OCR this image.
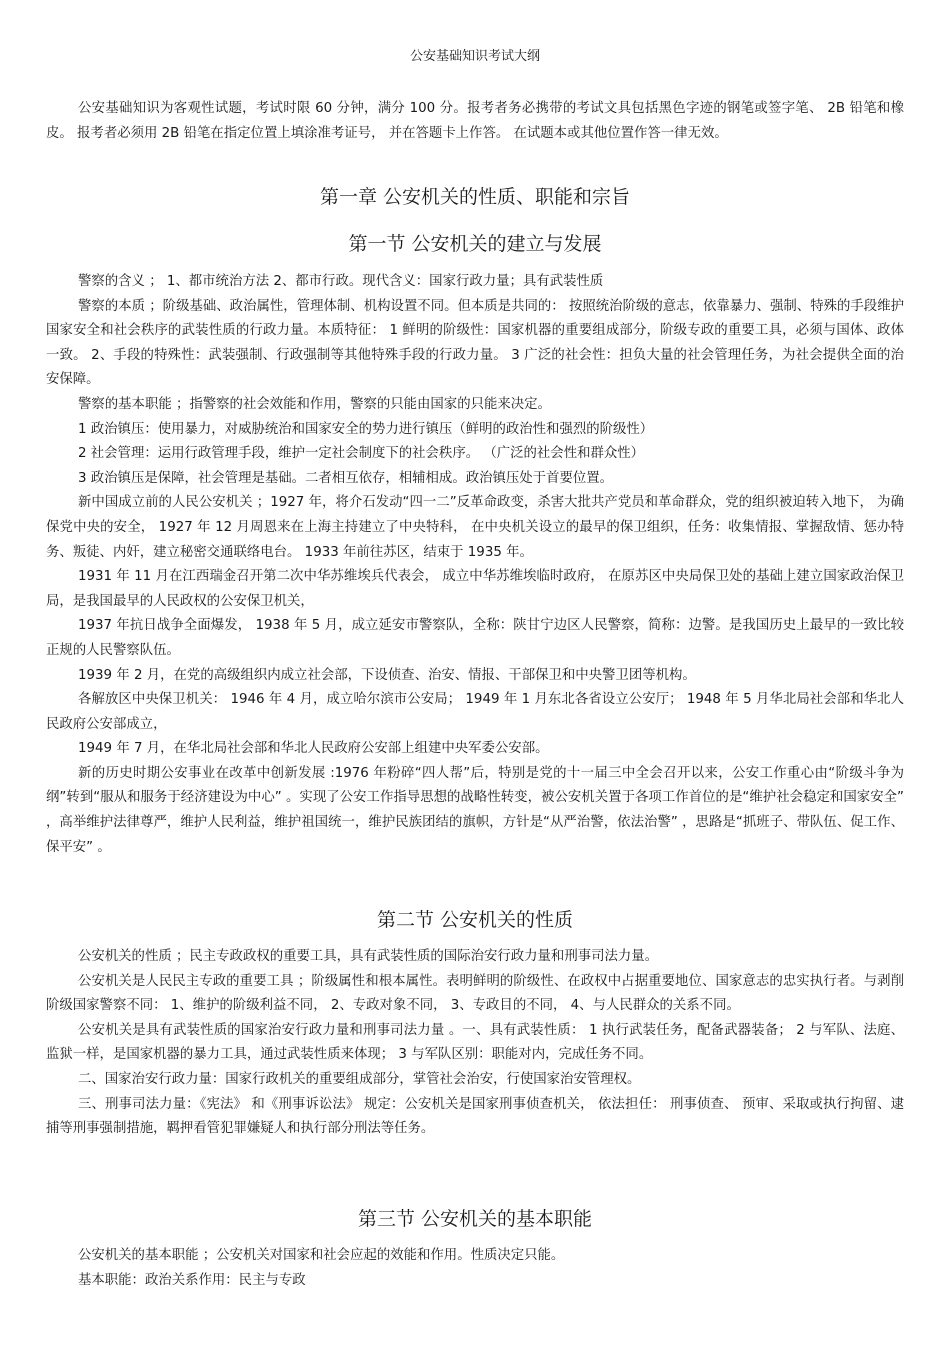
公安基础知识考试大纲

公安基础知识为客观性试题，考试时限 60 分钟，满分 100 分。报考者务必携带的考试文具包括黑色字迹的钢笔或签字笔、 2B 铅笔和橡皮。 报考者必须用 2B 铅笔在指定位置上填涂准考证号， 并在答题卡上作答。 在试题本或其他位置作答一律无效。

第一章 公安机关的性质、职能和宗旨
第一节 公安机关的建立与发展

警察的含义 ； 1、都市统治方法 2、都市行政。现代含义：国家行政力量；具有武装性质

警察的本质 ；阶级基础、政治属性，管理体制、机构设置不同。但本质是共同的： 按照统治阶级的意志，依靠暴力、强制、特殊的手段维护国家安全和社会秩序的武装性质的行政力量。本质特征： 1 鲜明的阶级性：国家机器的重要组成部分，阶级专政的重要工具，必须与国体、政体一致。 2、手段的特殊性：武装强制、行政强制等其他特殊手段的行政力量。 3 广泛的社会性：担负大量的社会管理任务，为社会提供全面的治安保障。

警察的基本职能 ；指警察的社会效能和作用，警察的只能由国家的只能来决定。

1 政治镇压：使用暴力，对威胁统治和国家安全的势力进行镇压（鲜明的政治性和强烈的阶级性）

2 社会管理：运用行政管理手段，维护一定社会制度下的社会秩序。 （广泛的社会性和群众性）

3 政治镇压是保障，社会管理是基础。二者相互依存，相辅相成。政治镇压处于首要位置。

新中国成立前的人民公安机关 ；1927 年，将介石发动“四一二”反革命政变，杀害大批共产党员和革命群众，党的组织被迫转入地下， 为确保党中央的安全， 1927 年 12 月周恩来在上海主持建立了中央特科， 在中央机关设立的最早的保卫组织，任务：收集情报、掌握敌情、惩办特务、叛徒、内奸，建立秘密交通联络电台。 1933 年前往苏区，结束于 1935 年。

1931 年 11 月在江西瑞金召开第二次中华苏维埃兵代表会， 成立中华苏维埃临时政府， 在原苏区中央局保卫处的基础上建立国家政治保卫局，是我国最早的人民政权的公安保卫机关，

1937 年抗日战争全面爆发， 1938 年 5 月，成立延安市警察队，全称：陕甘宁边区人民警察，简称：边警。是我国历史上最早的一致比较正规的人民警察队伍。

1939 年 2 月，在党的高级组织内成立社会部，下设侦查、治安、情报、干部保卫和中央警卫团等机构。

各解放区中央保卫机关： 1946 年 4 月，成立哈尔滨市公安局； 1949 年 1 月东北各省设立公安厅； 1948 年 5 月华北局社会部和华北人民政府公安部成立，

1949 年 7 月，在华北局社会部和华北人民政府公安部上组建中央军委公安部。

新的历史时期公安事业在改革中创新发展 :1976 年粉碎“四人帮”后，特别是党的十一届三中全会召开以来，公安工作重心由“阶级斗争为纲”转到“服从和服务于经济建设为中心” 。实现了公安工作指导思想的战略性转变，被公安机关置于各项工作首位的是“维护社会稳定和国家安全” ，高举维护法律尊严，维护人民利益，维护祖国统一，维护民族团结的旗帜，方针是“从严治警，依法治警” ，思路是“抓班子、带队伍、促工作、保平安” 。

第二节 公安机关的性质

公安机关的性质 ；民主专政政权的重要工具，具有武装性质的国际治安行政力量和刑事司法力量。

公安机关是人民民主专政的重要工具 ；阶级属性和根本属性。表明鲜明的阶级性、在政权中占据重要地位、国家意志的忠实执行者。与剥削阶级国家警察不同： 1、维护的阶级利益不同， 2、专政对象不同， 3、专政目的不同， 4、与人民群众的关系不同。

公安机关是具有武装性质的国家治安行政力量和刑事司法力量 。一、具有武装性质： 1 执行武装任务，配备武器装备； 2 与军队、法庭、监狱一样，是国家机器的暴力工具，通过武装性质来体现； 3 与军队区别：职能对内，完成任务不同。

二、国家治安行政力量：国家行政机关的重要组成部分，掌管社会治安，行使国家治安管理权。

三、刑事司法力量：《宪法》 和《刑事诉讼法》 规定：公安机关是国家刑事侦查机关， 依法担任： 刑事侦查、 预审、采取或执行拘留、逮捕等刑事强制措施，羁押看管犯罪嫌疑人和执行部分刑法等任务。

第三节 公安机关的基本职能

公安机关的基本职能 ；公安机关对国家和社会应起的效能和作用。性质决定只能。

基本职能：政治关系作用：民主与专政
